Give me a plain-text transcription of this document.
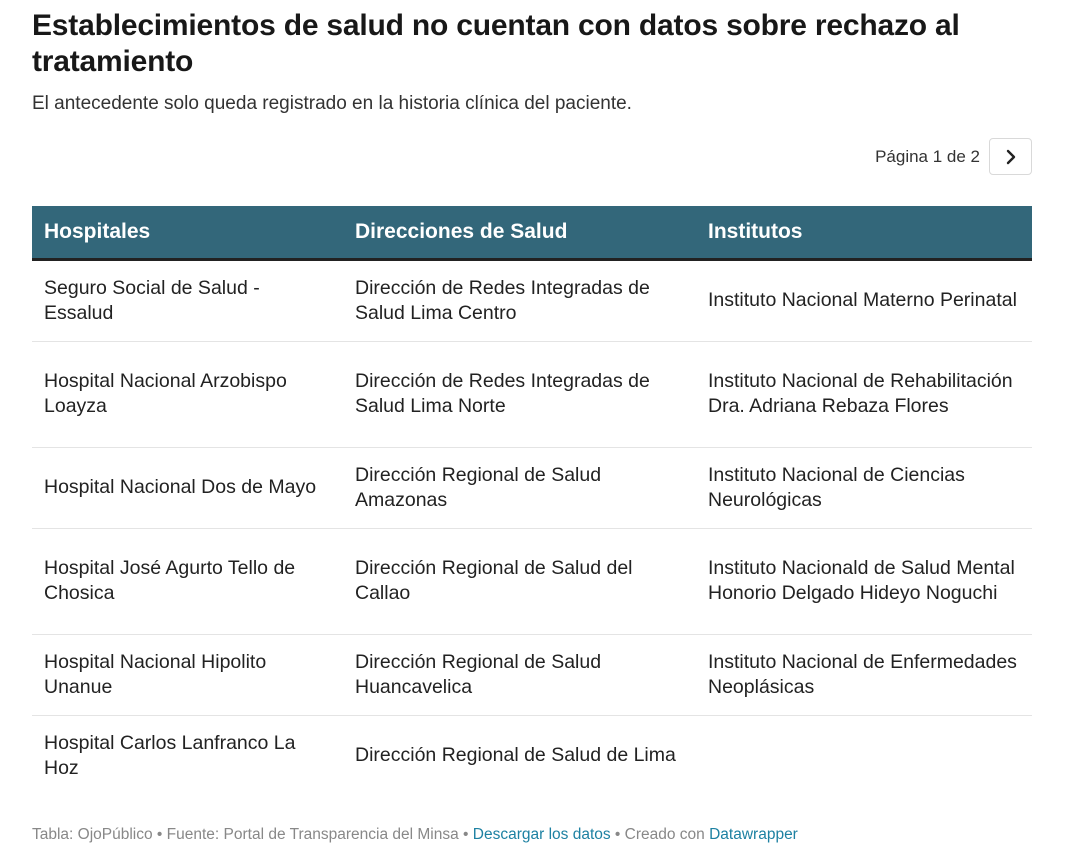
Establecimientos de salud no cuentan con datos sobre rechazo al tratamiento

El antecedente solo queda registrado en la historia clínica del paciente.

Página 1 de 2
Hospitales	Direcciones de Salud	Institutos
Seguro Social de Salud - Essalud	Dirección de Redes Integradas de Salud Lima Centro	Instituto Nacional Materno Perinatal
Hospital Nacional Arzobispo Loayza	Dirección de Redes Integradas de Salud Lima Norte	Instituto Nacional de Rehabilitación Dra. Adriana Rebaza Flores
Hospital Nacional Dos de Mayo	Dirección Regional de Salud Amazonas	Instituto Nacional de Ciencias Neurológicas
Hospital José Agurto Tello de Chosica	Dirección Regional de Salud del Callao	Instituto Nacionald de Salud Mental Honorio Delgado Hideyo Noguchi
Hospital Nacional Hipolito Unanue	Dirección Regional de Salud Huancavelica	Instituto Nacional de Enfermedades Neoplásicas
Hospital Carlos Lanfranco La Hoz	Dirección Regional de Salud de Lima	
Tabla: OjoPúblico • Fuente: Portal de Transparencia del Minsa • Descargar los datos • Creado con Datawrapper
